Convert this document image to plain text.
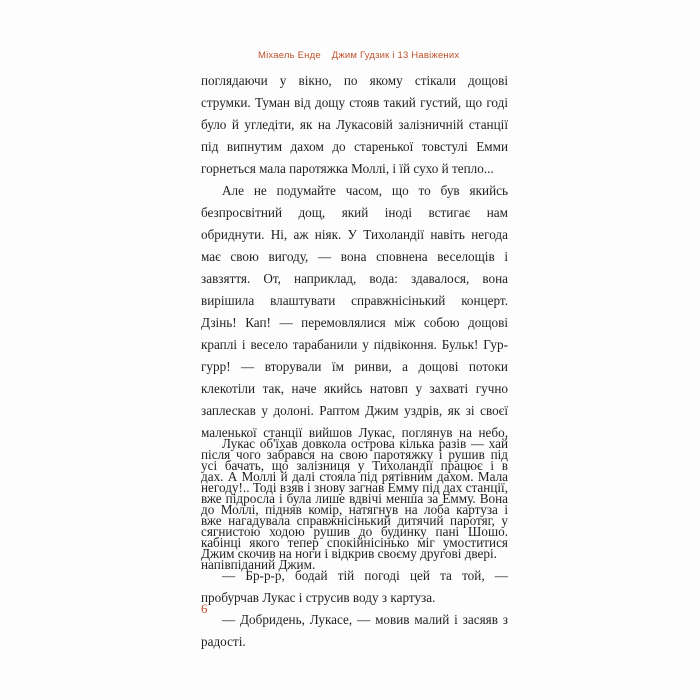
Міхаель Енде Джим Гудзик і 13 Навіжених

поглядаючи у вікно, по якому стікали дощові струмки. Туман від дощу стояв такий густий, що годі було й угледіти, як на Лукасовій залізничній станції під випнутим дахом до старенької товстулі Емми горнеться мала паротяжка Моллі, і їй сухо й тепло...

Але не подумайте часом, що то був якийсь безпросвітний дощ, який іноді встигає нам обриднути. Ні, аж ніяк. У Тихоландії навіть негода має свою вигоду, — вона сповнена веселощів і завзяття. От, наприклад, вода: здавалося, вона вирішила влаштувати справжнісінький концерт. Дзінь! Кап! — перемовлялися між собою дощові краплі і весело тарабанили у підвіконня. Бульк! Гур-гурр! — вторували їм ринви, а дощові потоки клекотіли так, наче якийсь натовп у захваті гучно заплескав у долоні. Раптом Джим уздрів, як зі своєї маленької станції вийшов Лукас, поглянув на небо, після чого забрався на свою паротяжку і рушив під дах. А Моллі й далі стояла під рятівним дахом. Мала вже підросла і була лише вдвічі менша за Емму. Вона вже нагадувала справжнісінький дитячий паротяг, у кабінці якого тепер спокійнісінько міг умоститися напівпіданий Джим.

Лукас об'їхав довкола острова кілька разів — хай усі бачать, що залізниця у Тихоландії працює і в негоду!.. Тоді взяв і знову загнав Емму під дах станції, до Моллі, підняв комір, натягнув на лоба картуза і сягнистою ходою рушив до будинку пані Шошо. Джим скочив на ноги і відкрив своєму другові двері.

— Бр-р-р, бодай тій погоді цей та той, — пробурчав Лукас і струсив воду з картуза.

— Добридень, Лукасе, — мовив малий і засяяв з радості.

6
